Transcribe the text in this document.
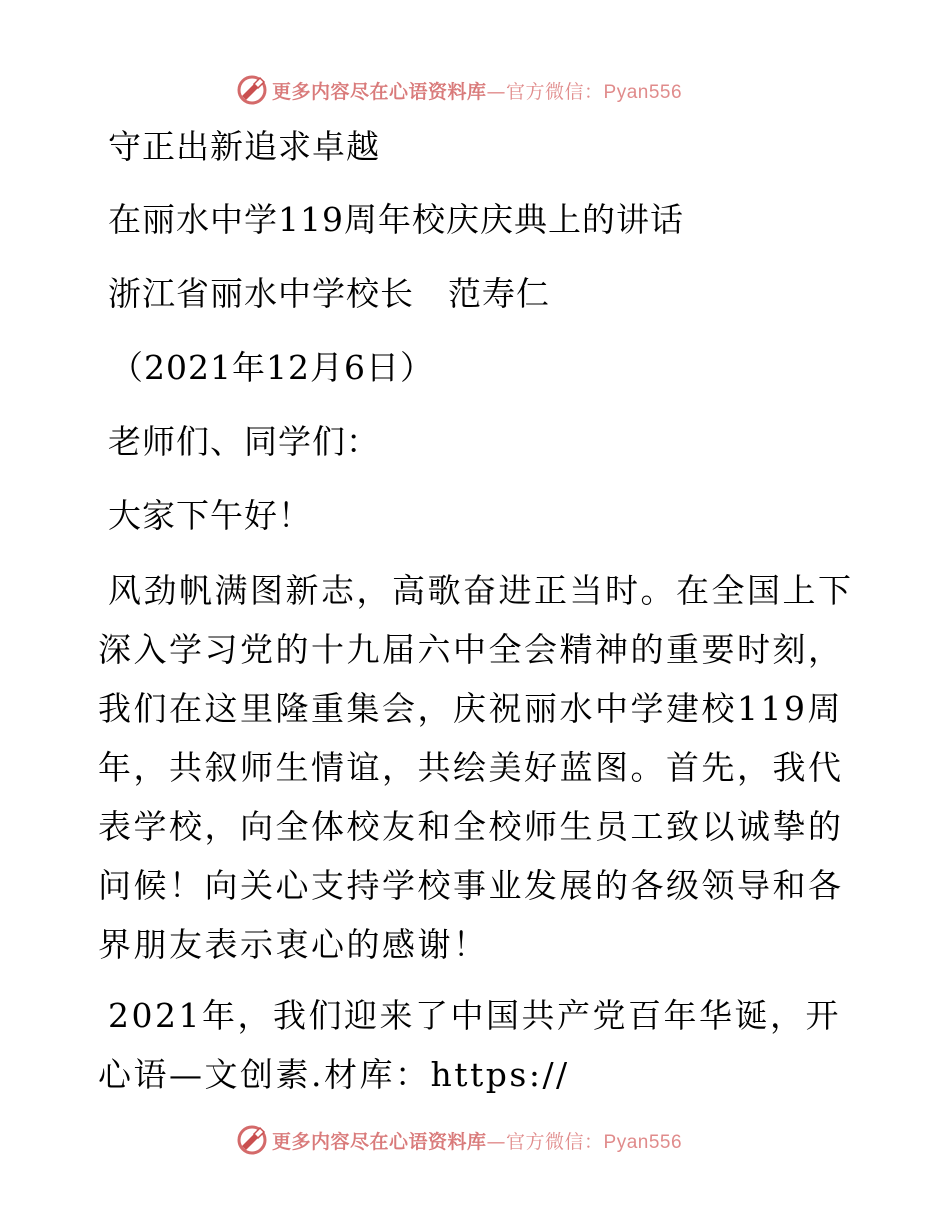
更多内容尽在心语资料库—官方微信：Pyan556
守正出新追求卓越
在丽水中学119周年校庆庆典上的讲话
浙江省丽水中学校长　范寿仁
（2021年12月6日）
老师们、同学们：
大家下午好！

风劲帆满图新志，高歌奋进正当时。在全国上下深入学习党的十九届六中全会精神的重要时刻，我们在这里隆重集会，庆祝丽水中学建校119周年，共叙师生情谊，共绘美好蓝图。首先，我代表学校，向全体校友和全校师生员工致以诚挚的问候！向关心支持学校事业发展的各级领导和各界朋友表示衷心的感谢！

2021年，我们迎来了中国共产党百年华诞，开心语—文创素.材库：https://

更多内容尽在心语资料库—官方微信：Pyan556
